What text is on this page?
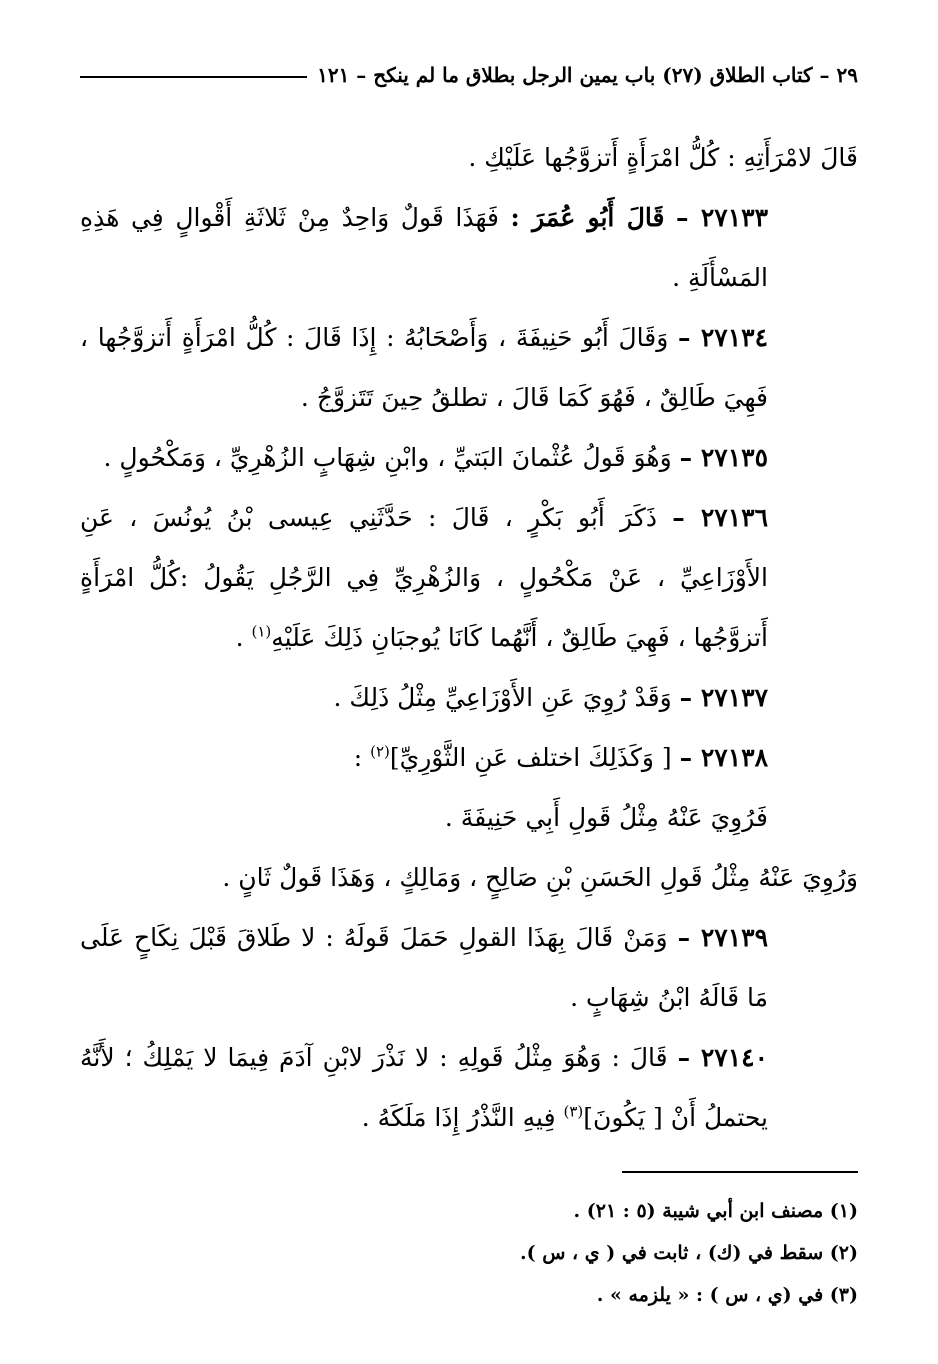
٢٩ – كتاب الطلاق (٢٧) باب يمين الرجل بطلاق ما لم ينكح – ١٢١

قَالَ لامْرَأَتِهِ : كُلُّ امْرَأَةٍ أَتزوَّجُها عَلَيْكِ .

٢٧١٣٣ – قَالَ أَبُو عُمَرَ : فَهَذَا قَولٌ وَاحِدٌ مِنْ ثَلاثَةِ أَقْوالٍ فِي هَذِهِ المَسْأَلَةِ .

٢٧١٣٤ – وَقَالَ أَبُو حَنِيفَةَ ، وَأَصْحَابُهُ : إِذَا قَالَ : كُلُّ امْرَأَةٍ أَتزوَّجُها ، فَهِيَ طَالِقٌ ، فَهُوَ كَمَا قَالَ ، تطلقُ حِينَ تَتَزوَّجُ .

٢٧١٣٥ – وَهُوَ قَولُ عُثْمانَ البَتيِّ ، وابْنِ شِهَابٍ الزُهْرِيِّ ، وَمَكْحُولٍ .

٢٧١٣٦ – ذَكَرَ أَبُو بَكْرٍ ، قَالَ : حَدَّثَنِي عِيسى بْنُ يُونُسَ ، عَنِ الأَوْزَاعِيِّ ، عَنْ مَكْحُولٍ ، وَالزُهْرِيِّ فِي الرَّجُلِ يَقُولُ :كُلُّ امْرَأَةٍ أَتزوَّجُها ، فَهِيَ طَالِقٌ ، أَنَّهُما كَانَا يُوجبَانِ ذَلِكَ عَلَيْهِ$^{(١)}$ .

٢٧١٣٧ – وَقَدْ رُوِيَ عَنِ الأَوْزَاعِيِّ مِثْلُ ذَلِكَ .

٢٧١٣٨ – [ وَكَذَلِكَ اختلف عَنِ الثَّوْرِيِّ]$^{(٢)}$ :

فَرُوِيَ عَنْهُ مِثْلُ قَولِ أَبِي حَنِيفَةَ .

وَرُوِيَ عَنْهُ مِثْلُ قَولِ الحَسَنِ بْنِ صَالِحٍ ، وَمَالِكٍ ، وَهَذَا قَولٌ ثَانٍ .

٢٧١٣٩ – وَمَنْ قَالَ بِهَذَا القولِ حَمَلَ قَولَهُ : لا طَلاقَ قَبْلَ نِكَاحٍ عَلَى مَا قَالَهُ ابْنُ شِهَابٍ .

٢٧١٤٠ – قَالَ : وَهُوَ مِثْلُ قَولِهِ : لا نَذْرَ لابْنِ آدَمَ فِيمَا لا يَمْلِكُ ؛ لأَنَّهُ يحتملُ أَنْ [ يَكُونَ]$^{(٣)}$ فِيهِ النَّذْرُ إِذَا مَلَكَهُ .

(١) مصنف ابن أبي شيبة (٥ : ٢١) .

(٢) سقط في (ك) ، ثابت في ( ي ، س ).

(٣) في (ي ، س ) : « يلزمه » .
